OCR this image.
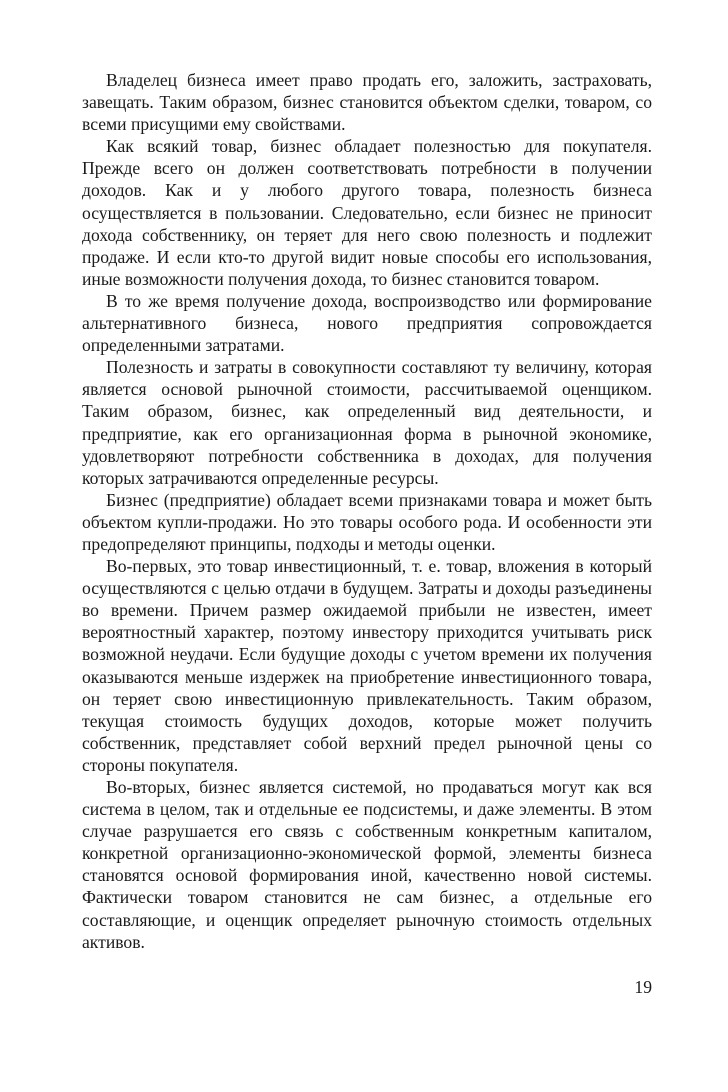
Владелец бизнеса имеет право продать его, заложить, застраховать, завещать. Таким образом, бизнес становится объектом сделки, товаром, со всеми присущими ему свойствами.

Как всякий товар, бизнес обладает полезностью для покупателя. Прежде всего он должен соответствовать потребности в получении доходов. Как и у любого другого товара, полезность бизнеса осуществляется в пользовании. Следовательно, если бизнес не приносит дохода собственнику, он теряет для него свою полезность и подлежит продаже. И если кто-то другой видит новые способы его использования, иные возможности получения дохода, то бизнес становится товаром.

В то же время получение дохода, воспроизводство или формирование альтернативного бизнеса, нового предприятия сопровождается определенными затратами.

Полезность и затраты в совокупности составляют ту величину, которая является основой рыночной стоимости, рассчитываемой оценщиком. Таким образом, бизнес, как определенный вид деятельности, и предприятие, как его организационная форма в рыночной экономике, удовлетворяют потребности собственника в доходах, для получения которых затрачиваются определенные ресурсы.

Бизнес (предприятие) обладает всеми признаками товара и может быть объектом купли-продажи. Но это товары особого рода. И особенности эти предопределяют принципы, подходы и методы оценки.

Во-первых, это товар инвестиционный, т. е. товар, вложения в который осуществляются с целью отдачи в будущем. Затраты и доходы разъединены во времени. Причем размер ожидаемой прибыли не известен, имеет вероятностный характер, поэтому инвестору приходится учитывать риск возможной неудачи. Если будущие доходы с учетом времени их получения оказываются меньше издержек на приобретение инвестиционного товара, он теряет свою инвестиционную привлекательность. Таким образом, текущая стоимость будущих доходов, которые может получить собственник, представляет собой верхний предел рыночной цены со стороны покупателя.

Во-вторых, бизнес является системой, но продаваться могут как вся система в целом, так и отдельные ее подсистемы, и даже элементы. В этом случае разрушается его связь с собственным конкретным капиталом, конкретной организационно-экономической формой, элементы бизнеса становятся основой формирования иной, качественно новой системы. Фактически товаром становится не сам бизнес, а отдельные его составляющие, и оценщик определяет рыночную стоимость отдельных активов.

19
